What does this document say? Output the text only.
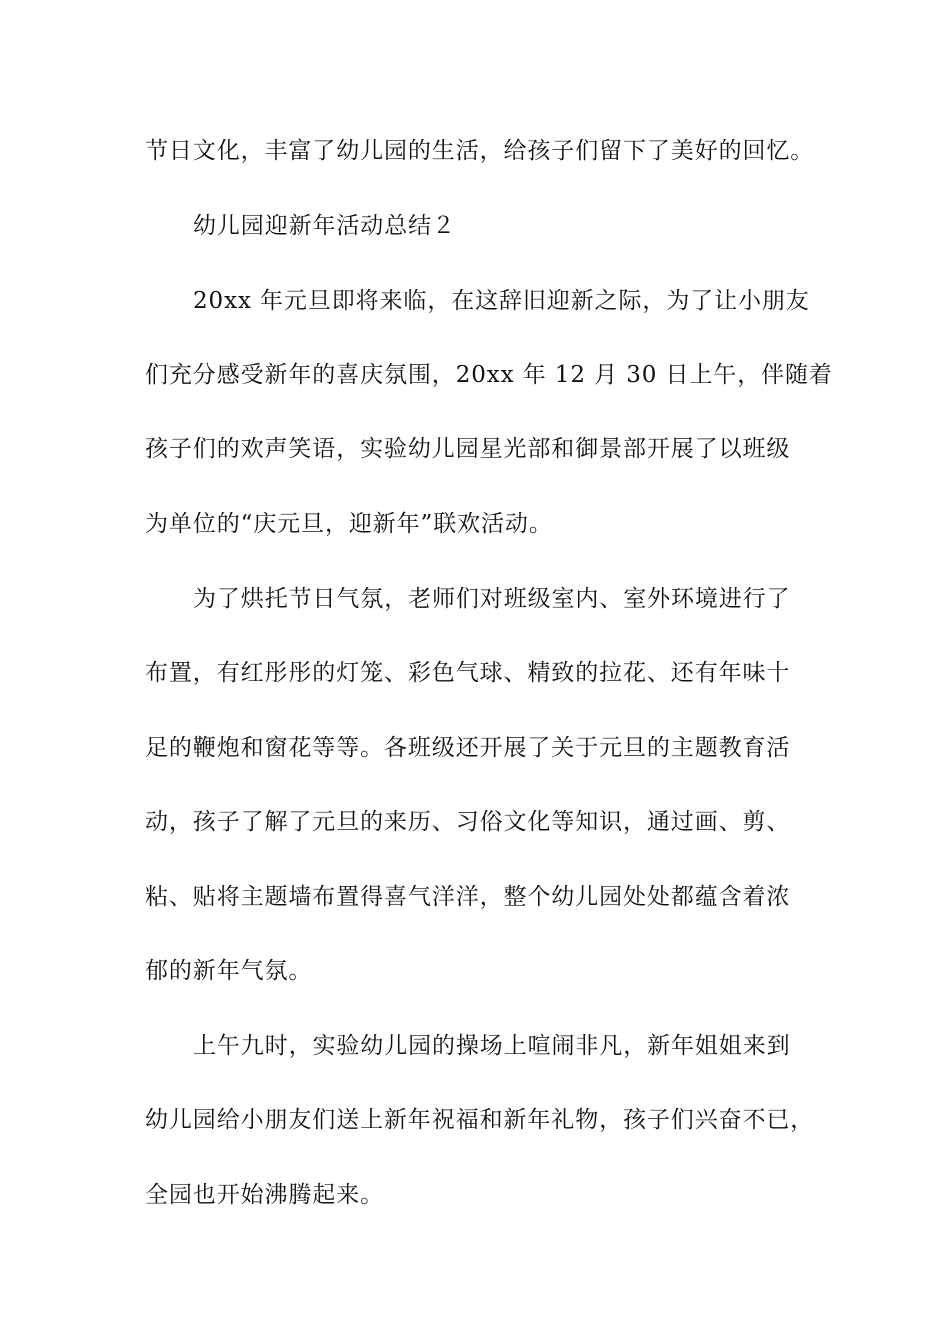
节日文化，丰富了幼儿园的生活，给孩子们留下了美好的回忆。
幼儿园迎新年活动总结２
20xx 年元旦即将来临，在这辞旧迎新之际，为了让小朋友
们充分感受新年的喜庆氛围，20xx 年 12 月 30 日上午，伴随着
孩子们的欢声笑语，实验幼儿园星光部和御景部开展了以班级
为单位的“庆元旦，迎新年”联欢活动。
为了烘托节日气氛，老师们对班级室内、室外环境进行了
布置，有红彤彤的灯笼、彩色气球、精致的拉花、还有年味十
足的鞭炮和窗花等等。各班级还开展了关于元旦的主题教育活
动，孩子了解了元旦的来历、习俗文化等知识，通过画、剪、
粘、贴将主题墙布置得喜气洋洋，整个幼儿园处处都蕴含着浓
郁的新年气氛。
上午九时，实验幼儿园的操场上喧闹非凡，新年姐姐来到
幼儿园给小朋友们送上新年祝福和新年礼物，孩子们兴奋不已，
全园也开始沸腾起来。
